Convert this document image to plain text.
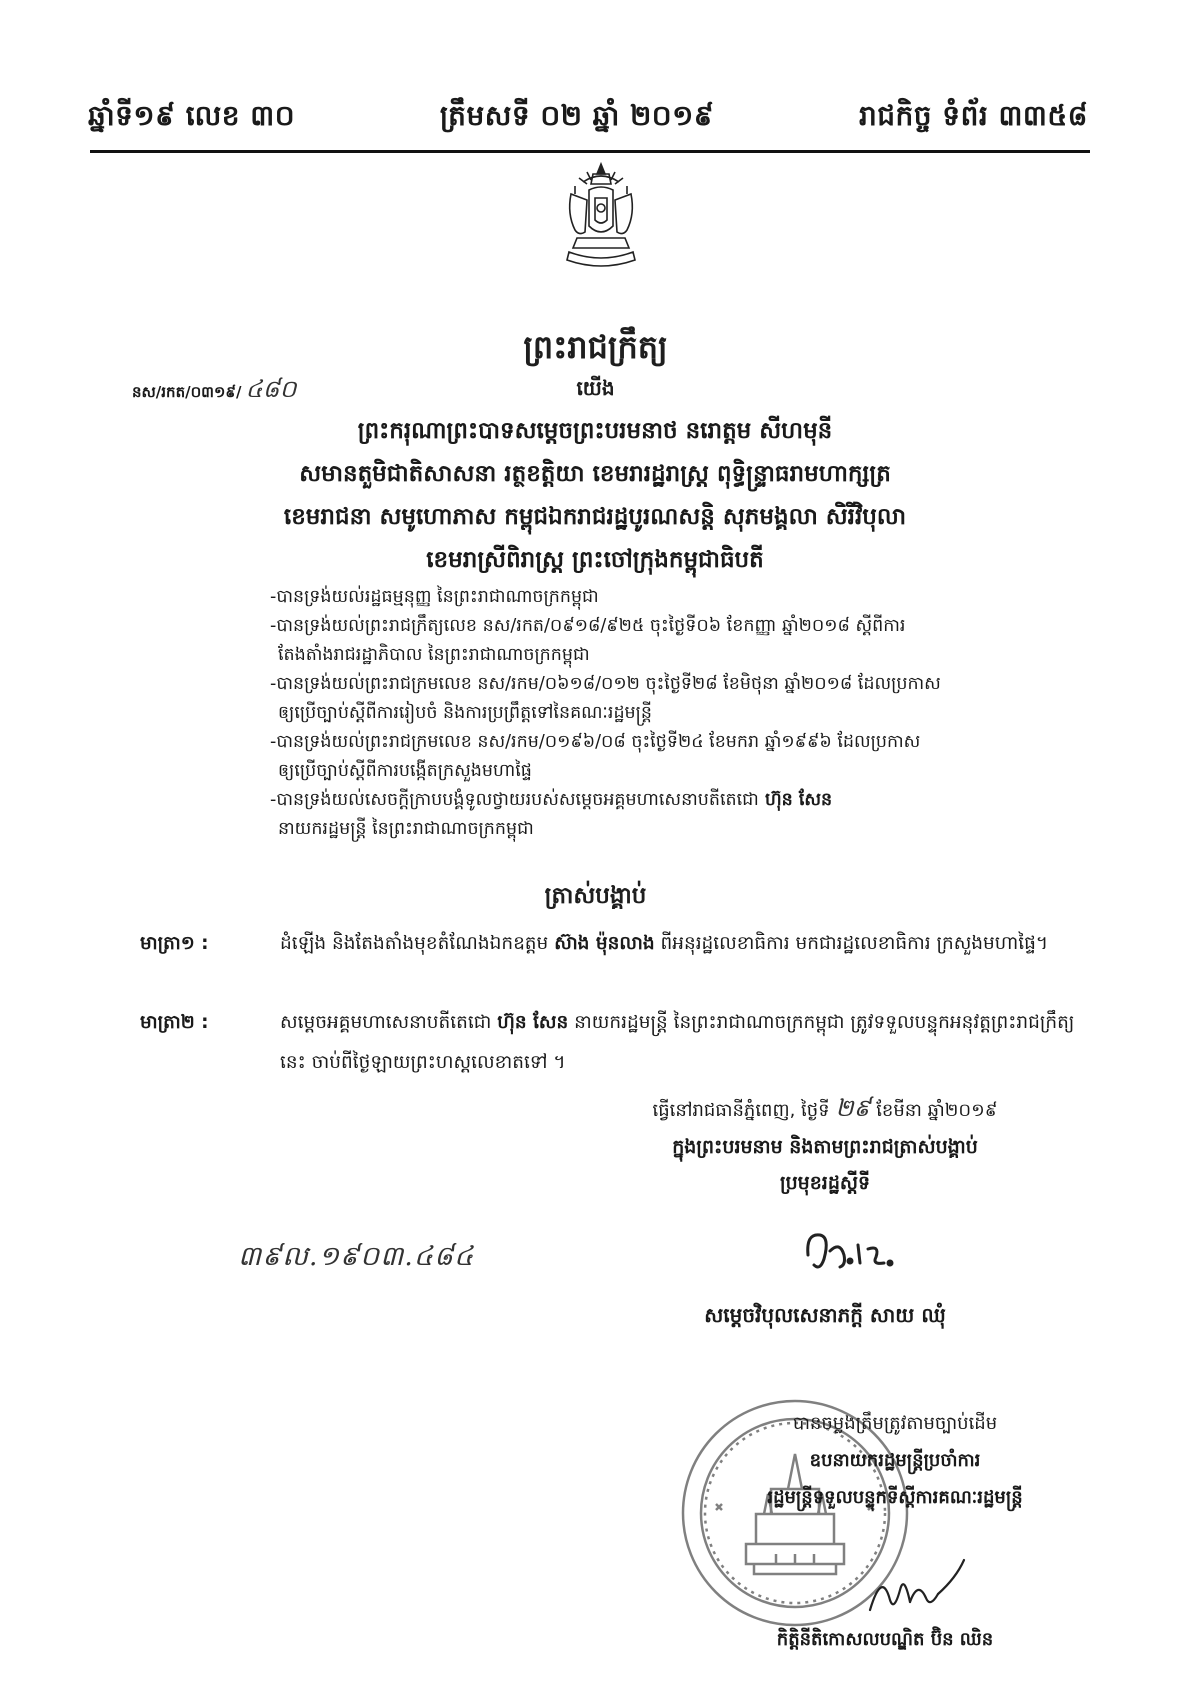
ឆ្នាំទី១៩ លេខ ៣០	ត្រឹមសទី ០២ ឆ្នាំ ២០១៩	រាជកិច្ច ទំព័រ ៣៣៥៨
ព្រះរាជក្រឹត្យ
នស/រកត/០៣១៩/ ៤៨០	យើង
ព្រះករុណាព្រះបាទសម្តេចព្រះបរមនាថ នរោត្តម សីហមុនី
សមានតួមិជាតិសាសនា រត្ថខត្តិយា ខេមរារដ្ឋរាស្ត្រ ពុទ្ធិន្ទ្រាធរាមហាក្សត្រ
ខេមរាជនា សមូហោភាស កម្ពុជឯករាជរដ្ឋបូរណសន្តិ សុភមង្គលា សិរីវិបុលា
ខេមរាស្រីពិរាស្ត្រ ព្រះចៅក្រុងកម្ពុជាធិបតី
-បានទ្រង់យល់រដ្ឋធម្មនុញ្ញ នៃព្រះរាជាណាចក្រកម្ពុជា
-បានទ្រង់យល់ព្រះរាជក្រឹត្យលេខ នស/រកត/០៩១៨/៩២៥ ចុះថ្ងៃទី០៦ ខែកញ្ញា ឆ្នាំ២០១៨ ស្តីពីការ
តែងតាំងរាជរដ្ឋាភិបាល នៃព្រះរាជាណាចក្រកម្ពុជា
-បានទ្រង់យល់ព្រះរាជក្រមលេខ នស/រកម/០៦១៨/០១២ ចុះថ្ងៃទី២៨ ខែមិថុនា ឆ្នាំ២០១៨ ដែលប្រកាស
ឲ្យប្រើច្បាប់ស្តីពីការរៀបចំ និងការប្រព្រឹត្តទៅនៃគណៈរដ្ឋមន្ត្រី
-បានទ្រង់យល់ព្រះរាជក្រមលេខ នស/រកម/០១៩៦/០៨ ចុះថ្ងៃទី២៤ ខែមករា ឆ្នាំ១៩៩៦ ដែលប្រកាស
ឲ្យប្រើច្បាប់ស្តីពីការបង្កើតក្រសួងមហាផ្ទៃ
-បានទ្រង់យល់សេចក្តីក្រាបបង្គំទូលថ្វាយរបស់សម្តេចអគ្គមហាសេនាបតីតេជោ ហ៊ុន សែន
នាយករដ្ឋមន្ត្រី នៃព្រះរាជាណាចក្រកម្ពុជា
ត្រាស់បង្គាប់
មាត្រា១ :	ដំឡើង និងតែងតាំងមុខតំណែងឯកឧត្តម ស៊ាង ម៉ុនលាង ពីអនុរដ្ឋលេខាធិការ មកជារដ្ឋលេខាធិការ ក្រសួងមហាផ្ទៃ។
មាត្រា២ :	សម្តេចអគ្គមហាសេនាបតីតេជោ ហ៊ុន សែន នាយករដ្ឋមន្ត្រី នៃព្រះរាជាណាចក្រកម្ពុជា ត្រូវទទួលបន្ទុកអនុវត្តព្រះរាជក្រឹត្យនេះ ចាប់ពីថ្ងៃឡាយព្រះហស្តលេខាតទៅ ។
ធ្វើនៅរាជធានីភ្នំពេញ, ថ្ងៃទី ២៩ ខែមីនា ឆ្នាំ២០១៩
ក្នុងព្រះបរមនាម និងតាមព្រះរាជត្រាស់បង្គាប់
ប្រមុខរដ្ឋស្តីទី
៣៩ល.១៩០៣.៤៨៤
សម្តេចវិបុលសេនាភក្តី សាយ ឈុំ
បានចម្លងត្រឹមត្រូវតាមច្បាប់ដើម
ឧបនាយករដ្ឋមន្ត្រីប្រចាំការ
រដ្ឋមន្ត្រីទទួលបន្ទុកទីស្តីការគណៈរដ្ឋមន្ត្រី
កិត្តិនីតិកោសលបណ្ឌិត ប៊ិន ឈិន
